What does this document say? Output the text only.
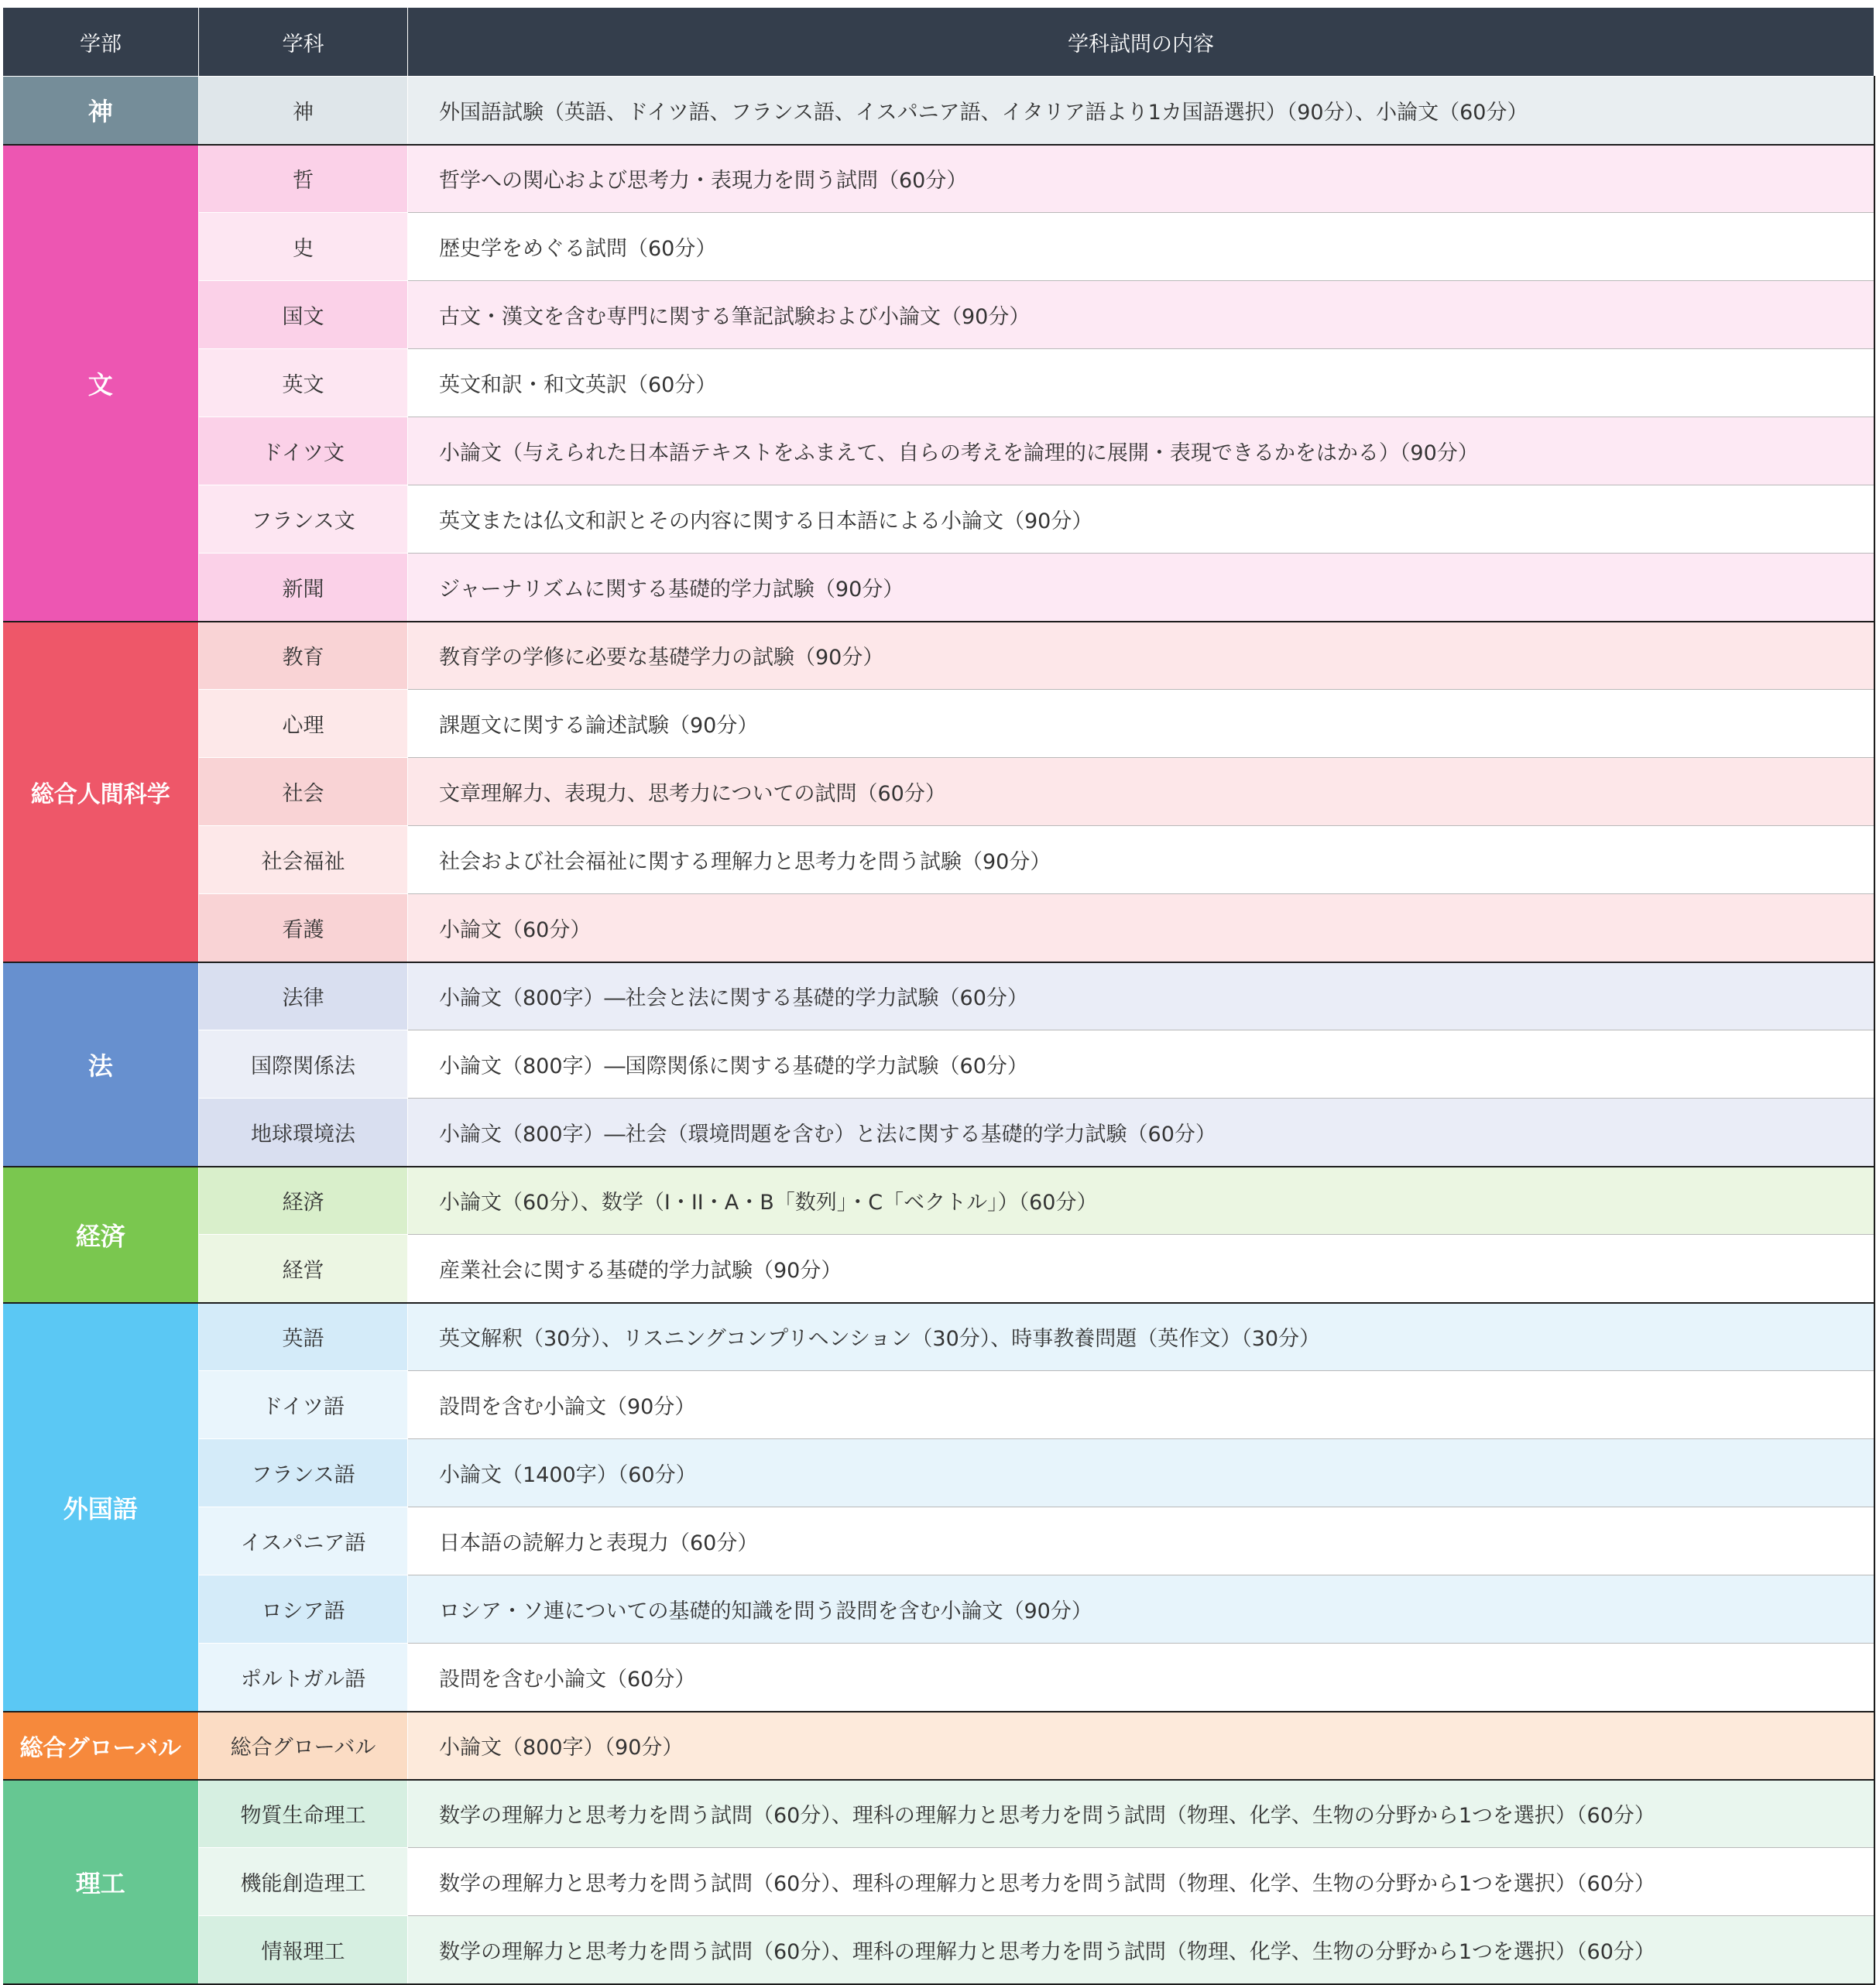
学部	学科	学科試問の内容
神	神	外国語試験（英語、ドイツ語、フランス語、イスパニア語、イタリア語より1カ国語選択）（90分）、小論文（60分）
文	哲	哲学への関心および思考力・表現力を問う試問（60分）
	史	歴史学をめぐる試問（60分）
	国文	古文・漢文を含む専門に関する筆記試験および小論文（90分）
	英文	英文和訳・和文英訳（60分）
	ドイツ文	小論文（与えられた日本語テキストをふまえて、自らの考えを論理的に展開・表現できるかをはかる）（90分）
	フランス文	英文または仏文和訳とその内容に関する日本語による小論文（90分）
	新聞	ジャーナリズムに関する基礎的学力試験（90分）
総合人間科学	教育	教育学の学修に必要な基礎学力の試験（90分）
	心理	課題文に関する論述試験（90分）
	社会	文章理解力、表現力、思考力についての試問（60分）
	社会福祉	社会および社会福祉に関する理解力と思考力を問う試験（90分）
	看護	小論文（60分）
法	法律	小論文（800字）―社会と法に関する基礎的学力試験（60分）
	国際関係法	小論文（800字）―国際関係に関する基礎的学力試験（60分）
	地球環境法	小論文（800字）―社会（環境問題を含む）と法に関する基礎的学力試験（60分）
経済	経済	小論文（60分）、数学（I・II・A・B「数列」・C「ベクトル」）（60分）
	経営	産業社会に関する基礎的学力試験（90分）
外国語	英語	英文解釈（30分）、リスニングコンプリヘンション（30分）、時事教養問題（英作文）（30分）
	ドイツ語	設問を含む小論文（90分）
	フランス語	小論文（1400字）（60分）
	イスパニア語	日本語の読解力と表現力（60分）
	ロシア語	ロシア・ソ連についての基礎的知識を問う設問を含む小論文（90分）
	ポルトガル語	設問を含む小論文（60分）
総合グローバル	総合グローバル	小論文（800字）（90分）
理工	物質生命理工	数学の理解力と思考力を問う試問（60分）、理科の理解力と思考力を問う試問（物理、化学、生物の分野から1つを選択）（60分）
	機能創造理工	数学の理解力と思考力を問う試問（60分）、理科の理解力と思考力を問う試問（物理、化学、生物の分野から1つを選択）（60分）
	情報理工	数学の理解力と思考力を問う試問（60分）、理科の理解力と思考力を問う試問（物理、化学、生物の分野から1つを選択）（60分）
